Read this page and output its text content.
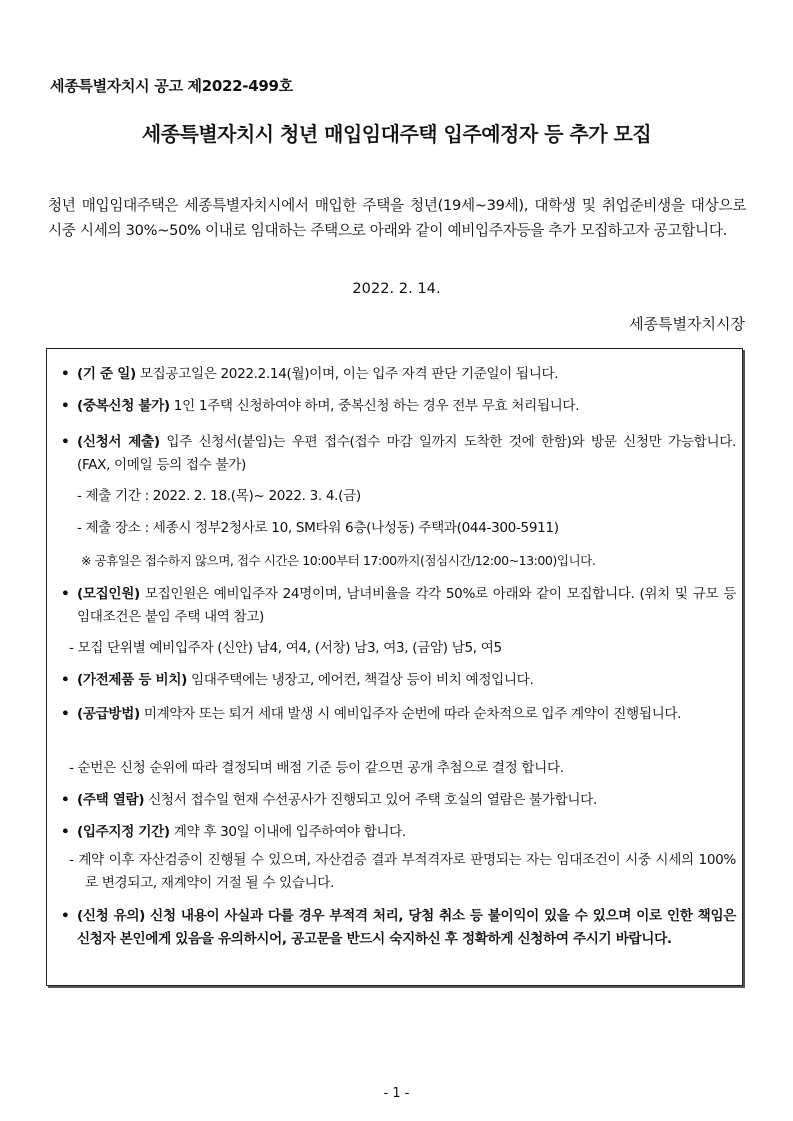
세종특별자치시 공고 제2022-499호
세종특별자치시 청년 매입임대주택 입주예정자 등 추가 모집
청년 매입임대주택은 세종특별자치시에서 매입한 주택을 청년(19세~39세), 대학생 및 취업준비생을 대상으로 시중 시세의 30%~50% 이내로 임대하는 주택으로 아래와 같이 예비입주자등을 추가 모집하고자 공고합니다.
2022. 2. 14.
세종특별자치시장
• (기 준 일) 모집공고일은 2022.2.14(월)이며, 이는 입주 자격 판단 기준일이 됩니다.
• (중복신청 불가) 1인 1주택 신청하여야 하며, 중복신청 하는 경우 전부 무효 처리됩니다.
• (신청서 제출) 입주 신청서(붙임)는 우편 접수(접수 마감 일까지 도착한 것에 한함)와 방문 신청만 가능합니다. (FAX, 이메일 등의 접수 불가)
- 제출 기간 : 2022. 2. 18.(목)~ 2022. 3. 4.(금)
- 제출 장소 : 세종시 정부2청사로 10, SM타워 6층(나성동) 주택과(044-300-5911)
※ 공휴일은 접수하지 않으며, 접수 시간은 10:00부터 17:00까지(점심시간/12:00~13:00)입니다.
• (모집인원) 모집인원은 예비입주자 24명이며, 남녀비율을 각각 50%로 아래와 같이 모집합니다. (위치 및 규모 등 임대조건은 붙임 주택 내역 참고)
- 모집 단위별 예비입주자 (신안) 남4, 여4, (서창) 남3, 여3, (금암) 남5, 여5
• (가전제품 등 비치) 임대주택에는 냉장고, 에어컨, 책걸상 등이 비치 예정입니다.
• (공급방법) 미계약자 또는 퇴거 세대 발생 시 예비입주자 순번에 따라 순차적으로 입주 계약이 진행됩니다.
- 순번은 신청 순위에 따라 결정되며 배점 기준 등이 같으면 공개 추첨으로 결정 합니다.
• (주택 열람) 신청서 접수일 현재 수선공사가 진행되고 있어 주택 호실의 열람은 불가합니다.
• (입주지정 기간) 계약 후 30일 이내에 입주하여야 합니다.
- 계약 이후 자산검증이 진행될 수 있으며, 자산검증 결과 부적격자로 판명되는 자는 임대조건이 시중 시세의 100%로 변경되고, 재계약이 거절 될 수 있습니다.
• (신청 유의) 신청 내용이 사실과 다를 경우 부적격 처리, 당첨 취소 등 불이익이 있을 수 있으며 이로 인한 책임은 신청자 본인에게 있음을 유의하시어, 공고문을 반드시 숙지하신 후 정확하게 신청하여 주시기 바랍니다.
- 1 -
